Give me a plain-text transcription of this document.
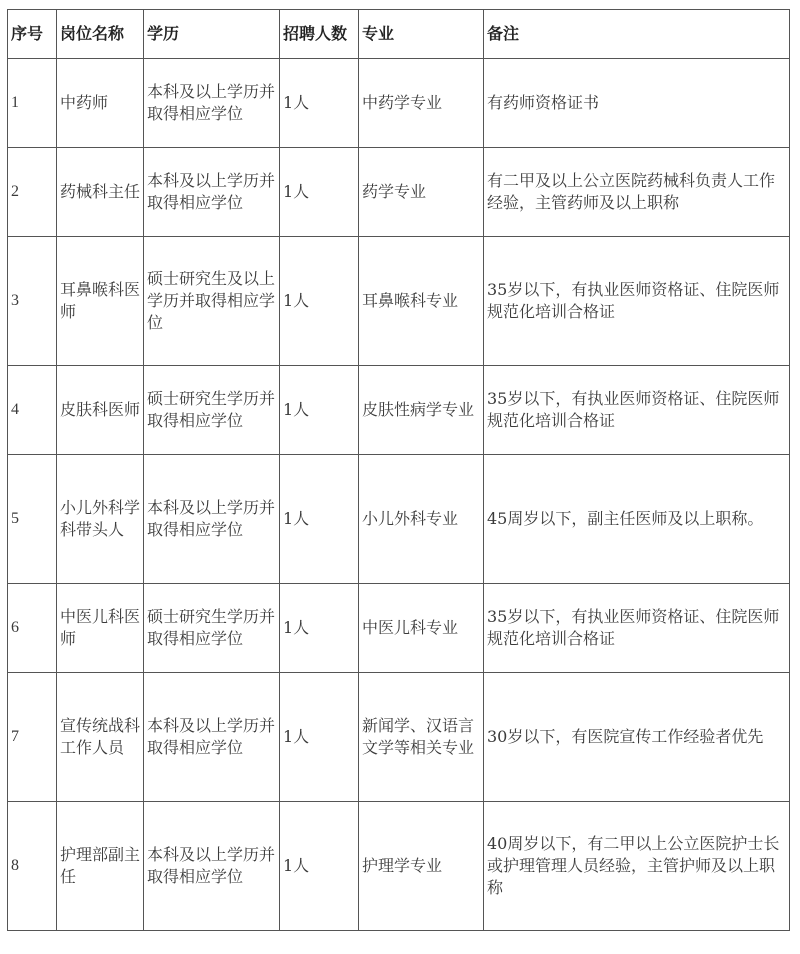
序号	岗位名称	学历	招聘人数	专业	备注
1	中药师	本科及以上学历并取得相应学位	1人	中药学专业	有药师资格证书
2	药械科主任	本科及以上学历并取得相应学位	1人	药学专业	有二甲及以上公立医院药械科负责人工作经验，主管药师及以上职称
3	耳鼻喉科医师	硕士研究生及以上学历并取得相应学位	1人	耳鼻喉科专业	35岁以下，有执业医师资格证、住院医师规范化培训合格证
4	皮肤科医师	硕士研究生学历并取得相应学位	1人	皮肤性病学专业	35岁以下，有执业医师资格证、住院医师规范化培训合格证
5	小儿外科学科带头人	本科及以上学历并取得相应学位	1人	小儿外科专业	45周岁以下，副主任医师及以上职称。
6	中医儿科医师	硕士研究生学历并取得相应学位	1人	中医儿科专业	35岁以下，有执业医师资格证、住院医师规范化培训合格证
7	宣传统战科工作人员	本科及以上学历并取得相应学位	1人	新闻学、汉语言文学等相关专业	30岁以下，有医院宣传工作经验者优先
8	护理部副主任	本科及以上学历并取得相应学位	1人	护理学专业	40周岁以下，有二甲以上公立医院护士长或护理管理人员经验，主管护师及以上职称
